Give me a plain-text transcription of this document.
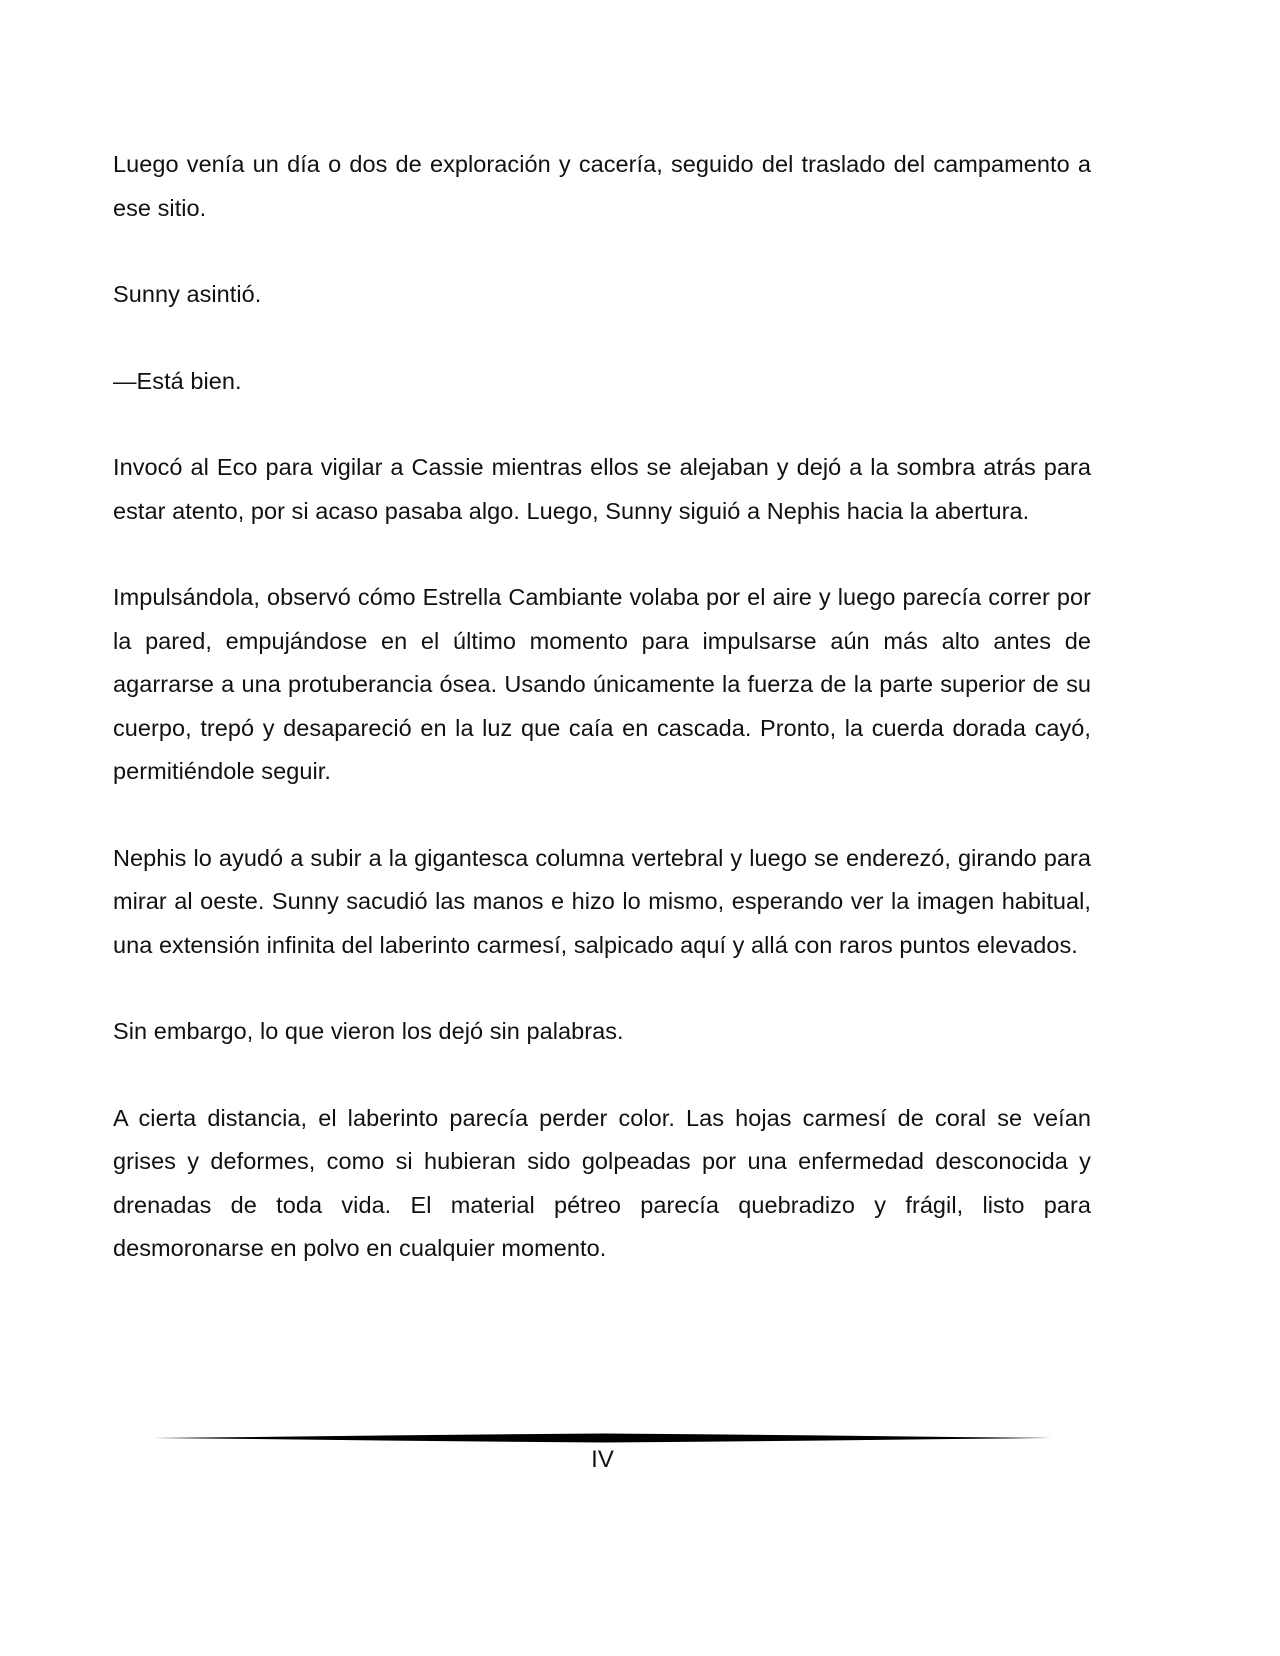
Luego venía un día o dos de exploración y cacería, seguido del traslado del campamento a ese sitio.

Sunny asintió.

—Está bien.

Invocó al Eco para vigilar a Cassie mientras ellos se alejaban y dejó a la sombra atrás para estar atento, por si acaso pasaba algo. Luego, Sunny siguió a Nephis hacia la abertura.

Impulsándola, observó cómo Estrella Cambiante volaba por el aire y luego parecía correr por la pared, empujándose en el último momento para impulsarse aún más alto antes de agarrarse a una protuberancia ósea. Usando únicamente la fuerza de la parte superior de su cuerpo, trepó y desapareció en la luz que caía en cascada. Pronto, la cuerda dorada cayó, permitiéndole seguir.

Nephis lo ayudó a subir a la gigantesca columna vertebral y luego se enderezó, girando para mirar al oeste. Sunny sacudió las manos e hizo lo mismo, esperando ver la imagen habitual, una extensión infinita del laberinto carmesí, salpicado aquí y allá con raros puntos elevados.

Sin embargo, lo que vieron los dejó sin palabras.

A cierta distancia, el laberinto parecía perder color. Las hojas carmesí de coral se veían grises y deformes, como si hubieran sido golpeadas por una enfermedad desconocida y drenadas de toda vida. El material pétreo parecía quebradizo y frágil, listo para desmoronarse en polvo en cualquier momento.

IV
